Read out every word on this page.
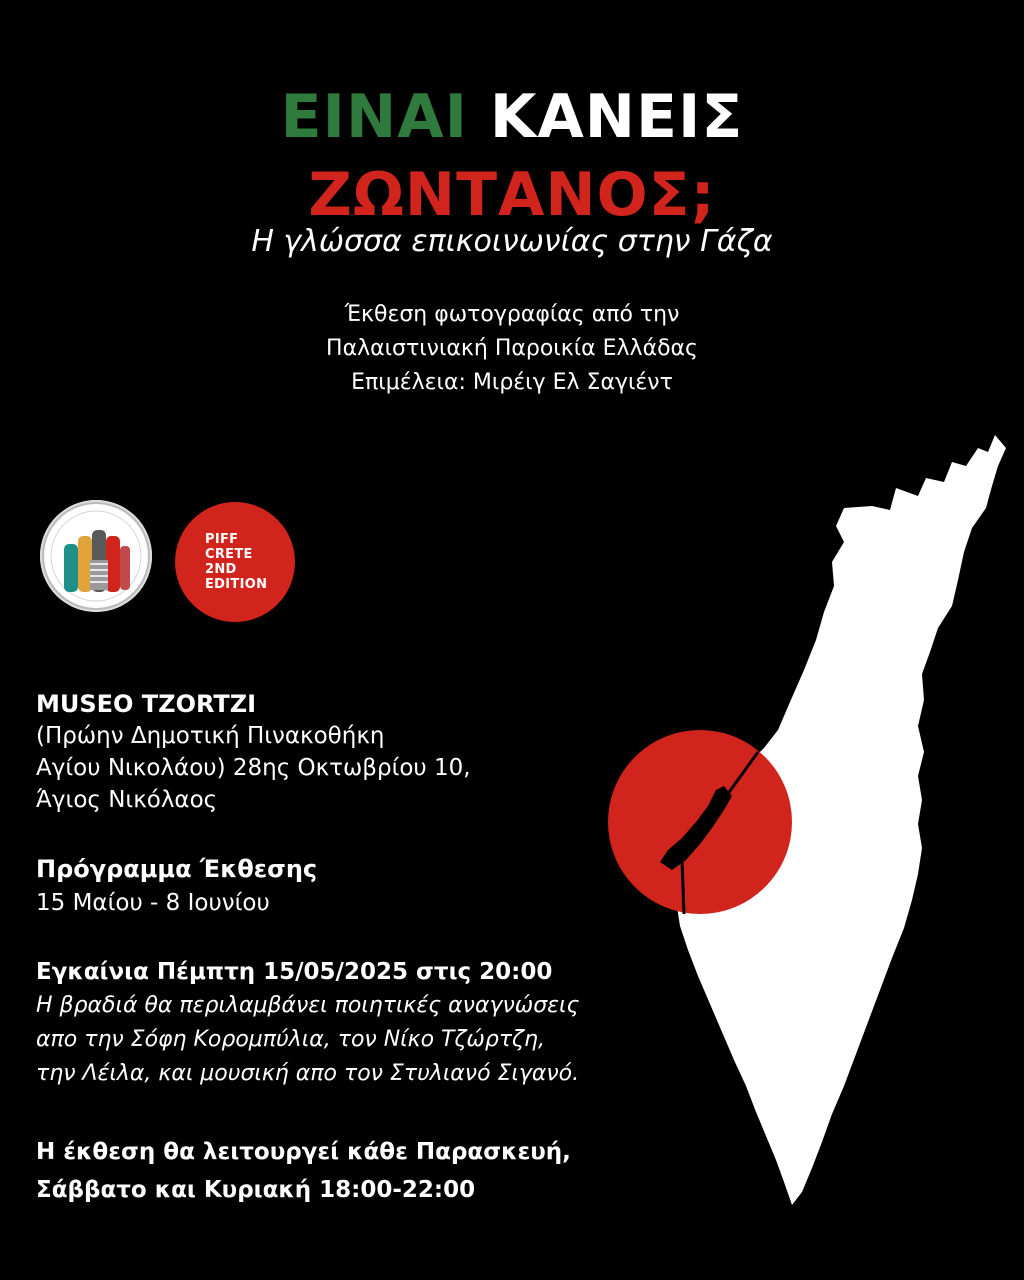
ΕΙΝΑΙ ΚΑΝΕΙΣ
ΖΩΝΤΑΝΟΣ;
Η γλώσσα επικοινωνίας στην Γάζα
Έκθεση φωτογραφίας από την
Παλαιστινιακή Παροικία Ελλάδας
Επιμέλεια: Μιρέιγ Ελ Σαγιέντ
PIFF
CRETE
2ND
EDITION
MUSEO TZORTZI
(Πρώην Δημοτική Πινακοθήκη
Αγίου Νικολάου) 28ης Οκτωβρίου 10,
Άγιος Νικόλαος
Πρόγραμμα Έκθεσης
15 Μαίου - 8 Ιουνίου
Εγκαίνια Πέμπτη 15/05/2025 στις 20:00
Η βραδιά θα περιλαμβάνει ποιητικές αναγνώσεις
απο την Σόφη Κορομπύλια, τον Νίκο Τζώρτζη,
την Λέιλα, και μουσική απο τον Στυλιανό Σιγανό.
Η έκθεση θα λειτουργεί κάθε Παρασκευή,
Σάββατο και Κυριακή 18:00-22:00
